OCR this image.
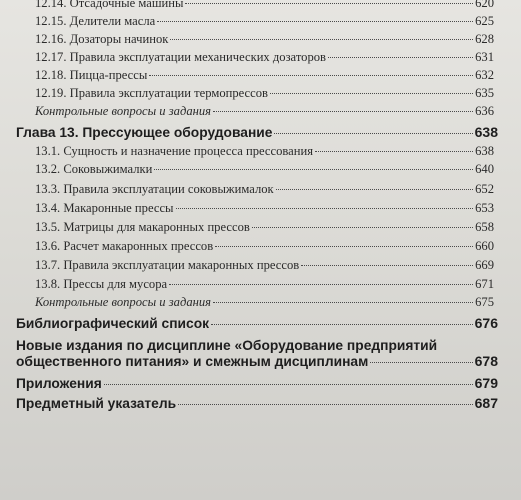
12.14. Отсадочные машины	620
12.15. Делители масла	625
12.16. Дозаторы начинок	628
12.17. Правила эксплуатации механических дозаторов	631
12.18. Пицца-прессы	632
12.19. Правила эксплуатации термопрессов	635
Контрольные вопросы и задания	636
Глава 13. Прессующее оборудование	638
13.1. Сущность и назначение процесса прессования	638
13.2. Соковыжималки	640
13.3. Правила эксплуатации соковыжималок	652
13.4. Макаронные прессы	653
13.5. Матрицы для макаронных прессов	658
13.6. Расчет макаронных прессов	660
13.7. Правила эксплуатации макаронных прессов	669
13.8. Прессы для мусора	671
Контрольные вопросы и задания	675
Библиографический список	676
Новые издания по дисциплине «Оборудование предприятий
общественного питания» и смежным дисциплинам	678
Приложения	679
Предметный указатель	687
